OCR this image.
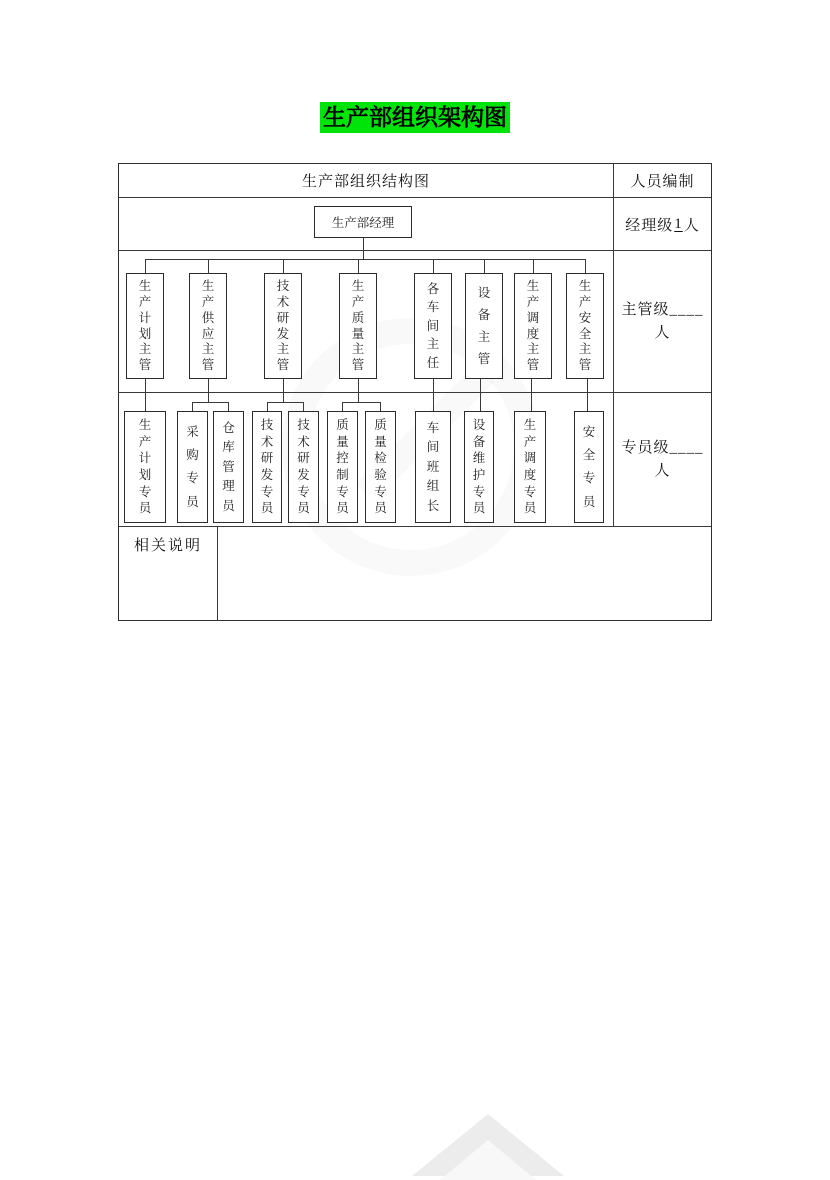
生产部组织架构图
生产部组织结构图	人员编制
经理级 1 人
主管级____
人
专员级____
人
相关说明
生产部经理
生
产
计
划
主
管
生
产
供
应
主
管
技
术
研
发
主
管
生
产
质
量
主
管
各
车
间
主
任
设
备
主
管
生
产
调
度
主
管
生
产
安
全
主
管
生
产
计
划
专
员
采
购
专
员
仓
库
管
理
员
技
术
研
发
专
员
技
术
研
发
专
员
质
量
控
制
专
员
质
量
检
验
专
员
车
间
班
组
长
设
备
维
护
专
员
生
产
调
度
专
员
安
全
专
员
